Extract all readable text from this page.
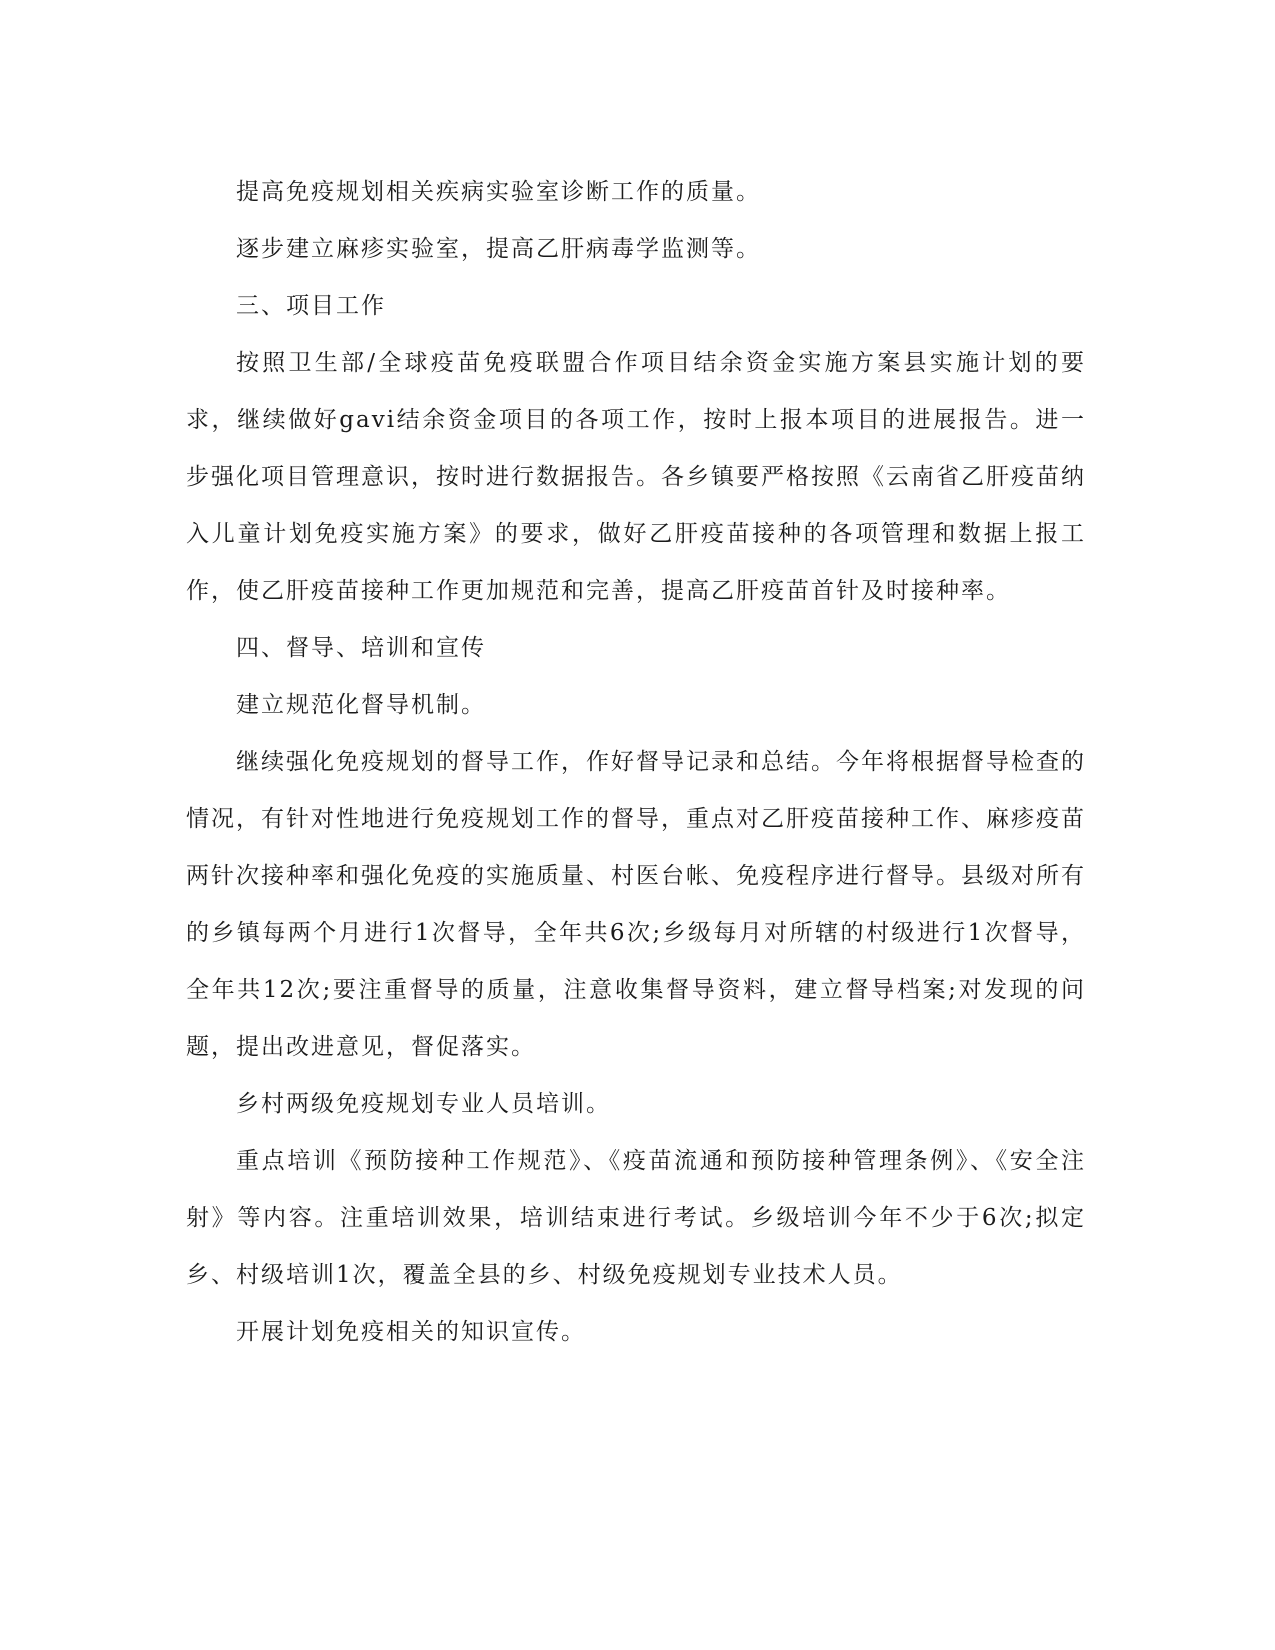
提高免疫规划相关疾病实验室诊断工作的质量。

逐步建立麻疹实验室，提高乙肝病毒学监测等。

三、项目工作

按照卫生部/全球疫苗免疫联盟合作项目结余资金实施方案县实施计划的要求，继续做好gavi结余资金项目的各项工作，按时上报本项目的进展报告。进一步强化项目管理意识，按时进行数据报告。各乡镇要严格按照《云南省乙肝疫苗纳入儿童计划免疫实施方案》的要求，做好乙肝疫苗接种的各项管理和数据上报工作，使乙肝疫苗接种工作更加规范和完善，提高乙肝疫苗首针及时接种率。

四、督导、培训和宣传

建立规范化督导机制。

继续强化免疫规划的督导工作，作好督导记录和总结。今年将根据督导检查的情况，有针对性地进行免疫规划工作的督导，重点对乙肝疫苗接种工作、麻疹疫苗两针次接种率和强化免疫的实施质量、村医台帐、免疫程序进行督导。县级对所有的乡镇每两个月进行1次督导，全年共6次;乡级每月对所辖的村级进行1次督导，全年共12次;要注重督导的质量，注意收集督导资料，建立督导档案;对发现的问题，提出改进意见，督促落实。

乡村两级免疫规划专业人员培训。

重点培训《预防接种工作规范》、《疫苗流通和预防接种管理条例》、《安全注射》等内容。注重培训效果，培训结束进行考试。乡级培训今年不少于6次;拟定乡、村级培训1次，覆盖全县的乡、村级免疫规划专业技术人员。

开展计划免疫相关的知识宣传。
